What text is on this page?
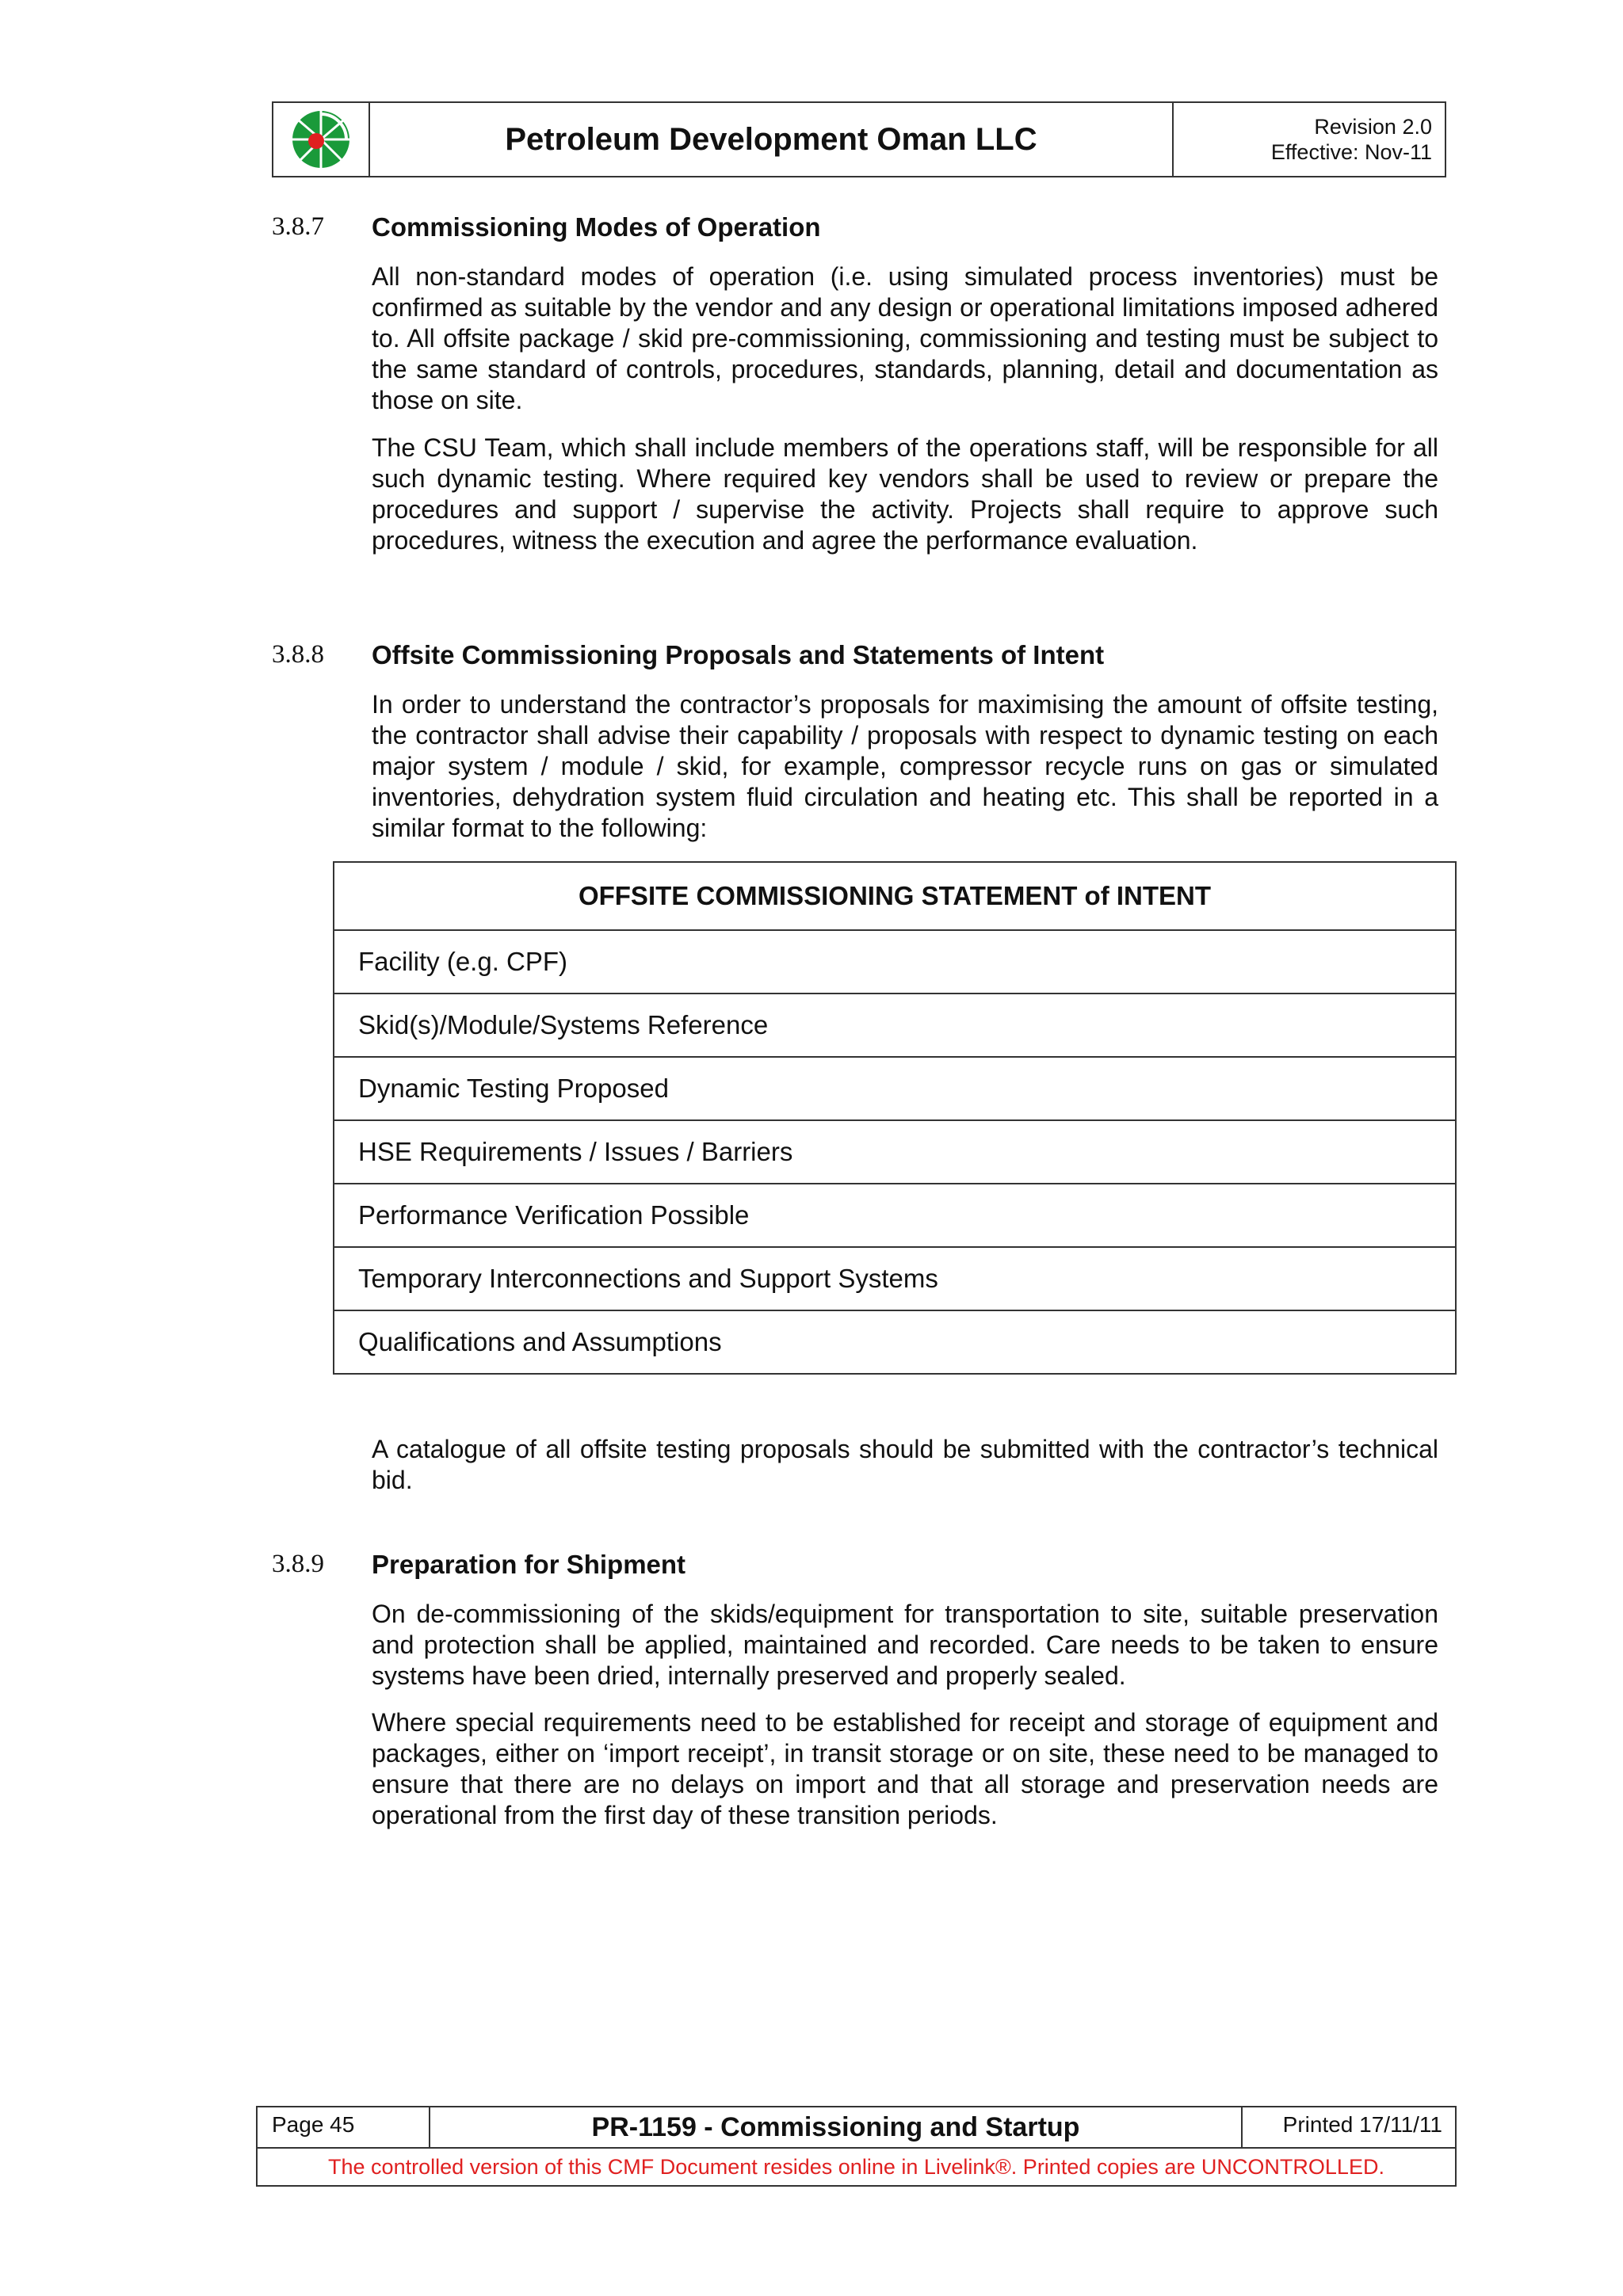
Petroleum Development Oman LLC	Revision 2.0
Effective: Nov-11
3.8.7 Commissioning Modes of Operation

All non-standard modes of operation (i.e. using simulated process inventories) must be confirmed as suitable by the vendor and any design or operational limitations imposed adhered to. All offsite package / skid pre-commissioning, commissioning and testing must be subject to the same standard of controls, procedures, standards, planning, detail and documentation as those on site.

The CSU Team, which shall include members of the operations staff, will be responsible for all such dynamic testing. Where required key vendors shall be used to review or prepare the procedures and support / supervise the activity. Projects shall require to approve such procedures, witness the execution and agree the performance evaluation.

3.8.8 Offsite Commissioning Proposals and Statements of Intent

In order to understand the contractor’s proposals for maximising the amount of offsite testing, the contractor shall advise their capability / proposals with respect to dynamic testing on each major system / module / skid, for example, compressor recycle runs on gas or simulated inventories, dehydration system fluid circulation and heating etc. This shall be reported in a similar format to the following:

OFFSITE COMMISSIONING STATEMENT of INTENT
Facility (e.g. CPF)
Skid(s)/Module/Systems Reference
Dynamic Testing Proposed
HSE Requirements / Issues / Barriers
Performance Verification Possible
Temporary Interconnections and Support Systems
Qualifications and Assumptions

A catalogue of all offsite testing proposals should be submitted with the contractor’s technical bid.

3.8.9 Preparation for Shipment

On de-commissioning of the skids/equipment for transportation to site, suitable preservation and protection shall be applied, maintained and recorded. Care needs to be taken to ensure systems have been dried, internally preserved and properly sealed.

Where special requirements need to be established for receipt and storage of equipment and packages, either on ‘import receipt’, in transit storage or on site, these need to be managed to ensure that there are no delays on import and that all storage and preservation needs are operational from the first day of these transition periods.

Page 45	PR-1159 - Commissioning and Startup	Printed 17/11/11
The controlled version of this CMF Document resides online in Livelink®. Printed copies are UNCONTROLLED.
